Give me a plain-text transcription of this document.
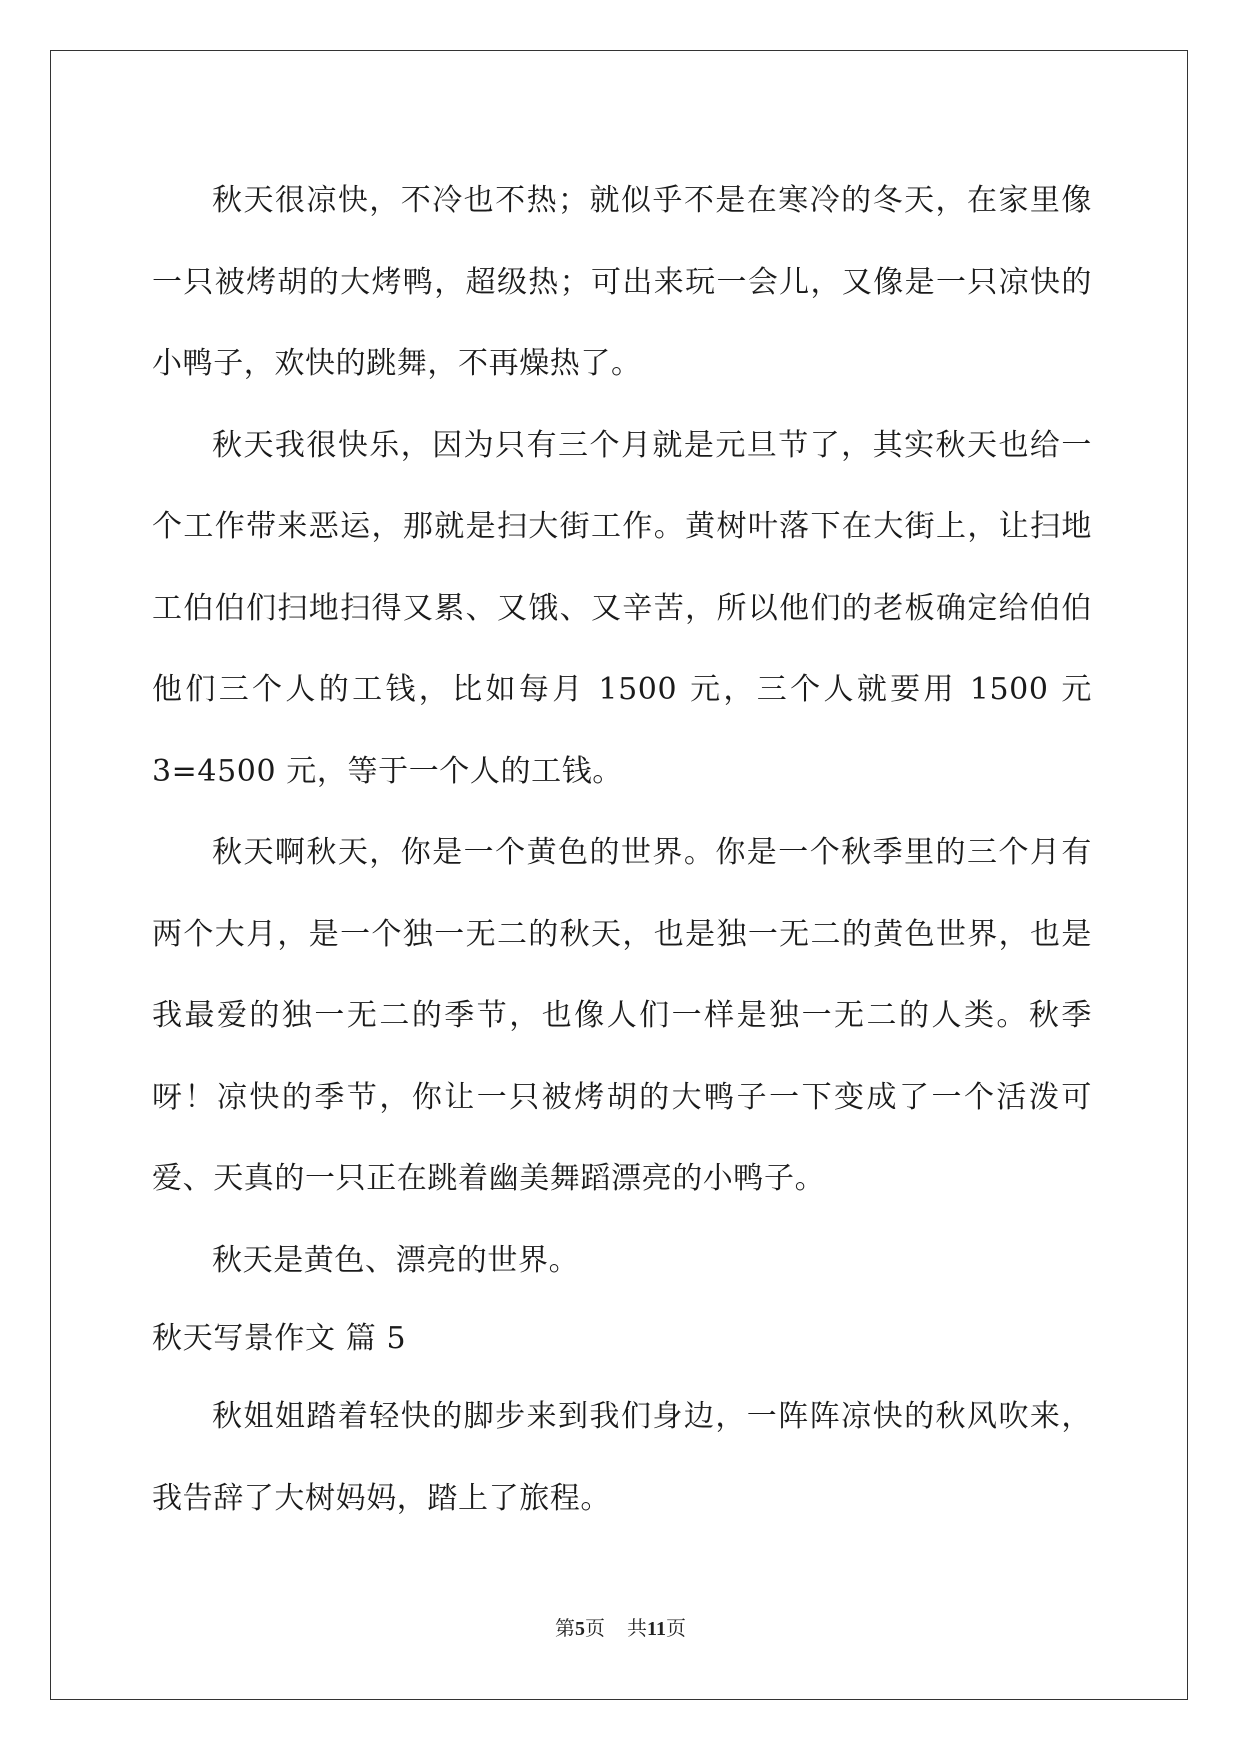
秋天很凉快，不冷也不热；就似乎不是在寒冷的冬天，在家里像一只被烤胡的大烤鸭，超级热；可出来玩一会儿，又像是一只凉快的小鸭子，欢快的跳舞，不再燥热了。

秋天我很快乐，因为只有三个月就是元旦节了，其实秋天也给一个工作带来恶运，那就是扫大街工作。黄树叶落下在大街上，让扫地工伯伯们扫地扫得又累、又饿、又辛苦，所以他们的老板确定给伯伯他们三个人的工钱，比如每月 1500 元，三个人就要用 1500 元 3=4500 元，等于一个人的工钱。

秋天啊秋天，你是一个黄色的世界。你是一个秋季里的三个月有两个大月，是一个独一无二的秋天，也是独一无二的黄色世界，也是我最爱的独一无二的季节，也像人们一样是独一无二的人类。秋季呀！凉快的季节，你让一只被烤胡的大鸭子一下变成了一个活泼可爱、天真的一只正在跳着幽美舞蹈漂亮的小鸭子。

秋天是黄色、漂亮的世界。

秋天写景作文 篇 5

秋姐姐踏着轻快的脚步来到我们身边，一阵阵凉快的秋风吹来，我告辞了大树妈妈，踏上了旅程。

第5页 共11页
